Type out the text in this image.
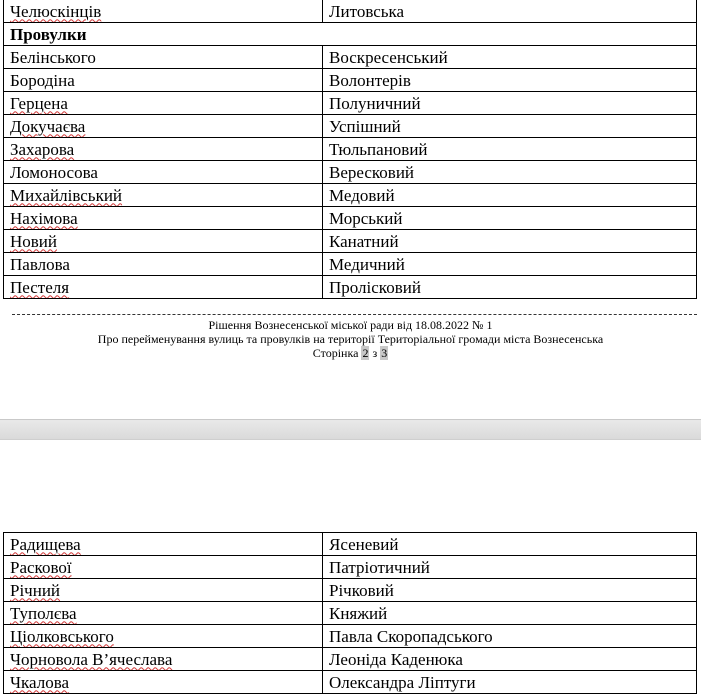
Челюскінців	Литовська
Провулки	
Белінського	Воскресенський
Бородіна	Волонтерів
Герцена	Полуничний
Докучаєва	Успішний
Захарова	Тюльпановий
Ломоносова	Вересковий
Михайлівський	Медовий
Нахімова	Морський
Новий	Канатний
Павлова	Медичний
Пестеля	Пролісковий
Рішення Вознесенської міської ради від 18.08.2022 № 1
Про перейменування вулиць та провулків на території Територіальної громади міста Вознесенська
Сторінка 2 з 3
Радищева	Ясеневий
Раскової	Патріотичний
Річний	Річковий
Туполєва	Княжий
Ціолковського	Павла Скоропадського
Чорновола В’ячеслава	Леоніда Каденюка
Чкалова	Олександра Ліптуги
